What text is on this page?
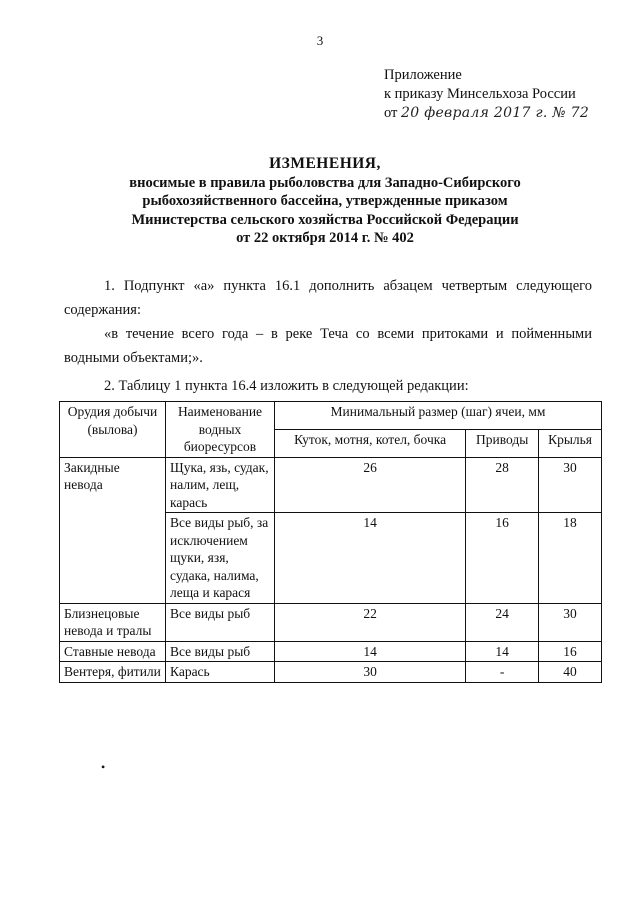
3
Приложение
к приказу Минсельхоза России
от 20 февраля 2017 г. № 72
ИЗМЕНЕНИЯ,
вносимые в правила рыболовства для Западно-Сибирского
рыбохозяйственного бассейна, утвержденные приказом
Министерства сельского хозяйства Российской Федерации
от 22 октября 2014 г. № 402
1. Подпункт «а» пункта 16.1 дополнить абзацем четвертым следующего
содержания:
«в течение всего года – в реке Теча со всеми притоками и пойменными
водными объектами;».
2. Таблицу 1 пункта 16.4 изложить в следующей редакции:
Орудия добычи (вылова)	Наименование водных биоресурсов	Минимальный размер (шаг) ячеи, мм		
		Куток, мотня, котел, бочка	Приводы	Крылья
Закидные невода	Щука, язь, судак, налим, лещ, карась	26	28	30
	Все виды рыб, за исключением щуки, язя, судака, налима, леща и карася	14	16	18
Близнецовые невода и тралы	Все виды рыб	22	24	30
Ставные невода	Все виды рыб	14	14	16
Вентеря, фитили	Карась	30	-	40
•
